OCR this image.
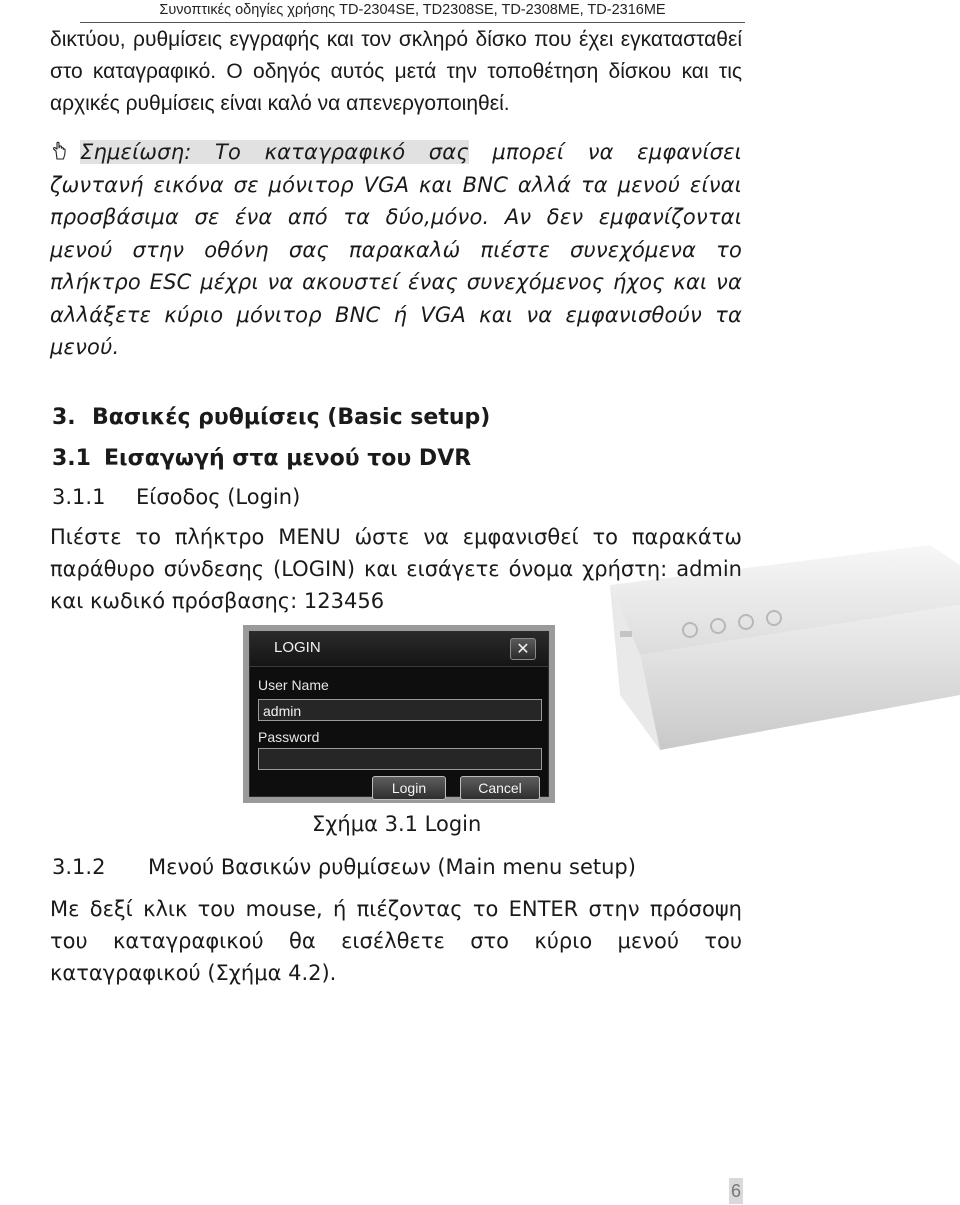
Συνοπτικές οδηγίες χρήσης TD-2304SE, TD2308SE, TD-2308ME, TD-2316ME

δικτύου, ρυθμίσεις εγγραφής και τον σκληρό δίσκο που έχει εγκατασταθεί στο καταγραφικό. Ο οδηγός αυτός μετά την τοποθέτηση δίσκου και τις αρχικές ρυθμίσεις είναι καλό να απενεργοποιηθεί.

Σημείωση: Το καταγραφικό σας μπορεί να εμφανίσει ζωντανή εικόνα σε μόνιτορ VGA και BNC αλλά τα μενού είναι προσβάσιμα σε ένα από τα δύο,μόνο. Αν δεν εμφανίζονται μενού στην οθόνη σας παρακαλώ πιέστε συνεχόμενα το πλήκτρο ESC μέχρι να ακουστεί ένας συνεχόμενος ήχος και να αλλάξετε κύριο μόνιτορ BNC ή VGA και να εμφανισθούν τα μενού.

3. Βασικές ρυθμίσεις (Basic setup)
3.1 Εισαγωγή στα μενού του DVR
3.1.1 Είσοδος (Login)

Πιέστε το πλήκτρο MENU ώστε να εμφανισθεί το παρακάτω παράθυρο σύνδεσης (LOGIN) και εισάγετε όνομα χρήστη: admin και κωδικό πρόσβασης: 123456

LOGIN	✕
User Name
admin
Password
Login	Cancel
Σχήμα 3.1 Login
3.1.2 Μενού Βασικών ρυθμίσεων (Main menu setup)

Με δεξί κλικ του mouse, ή πιέζοντας το ENTER στην πρόσοψη του καταγραφικού θα εισέλθετε στο κύριο μενού του καταγραφικού (Σχήμα 4.2).

6
